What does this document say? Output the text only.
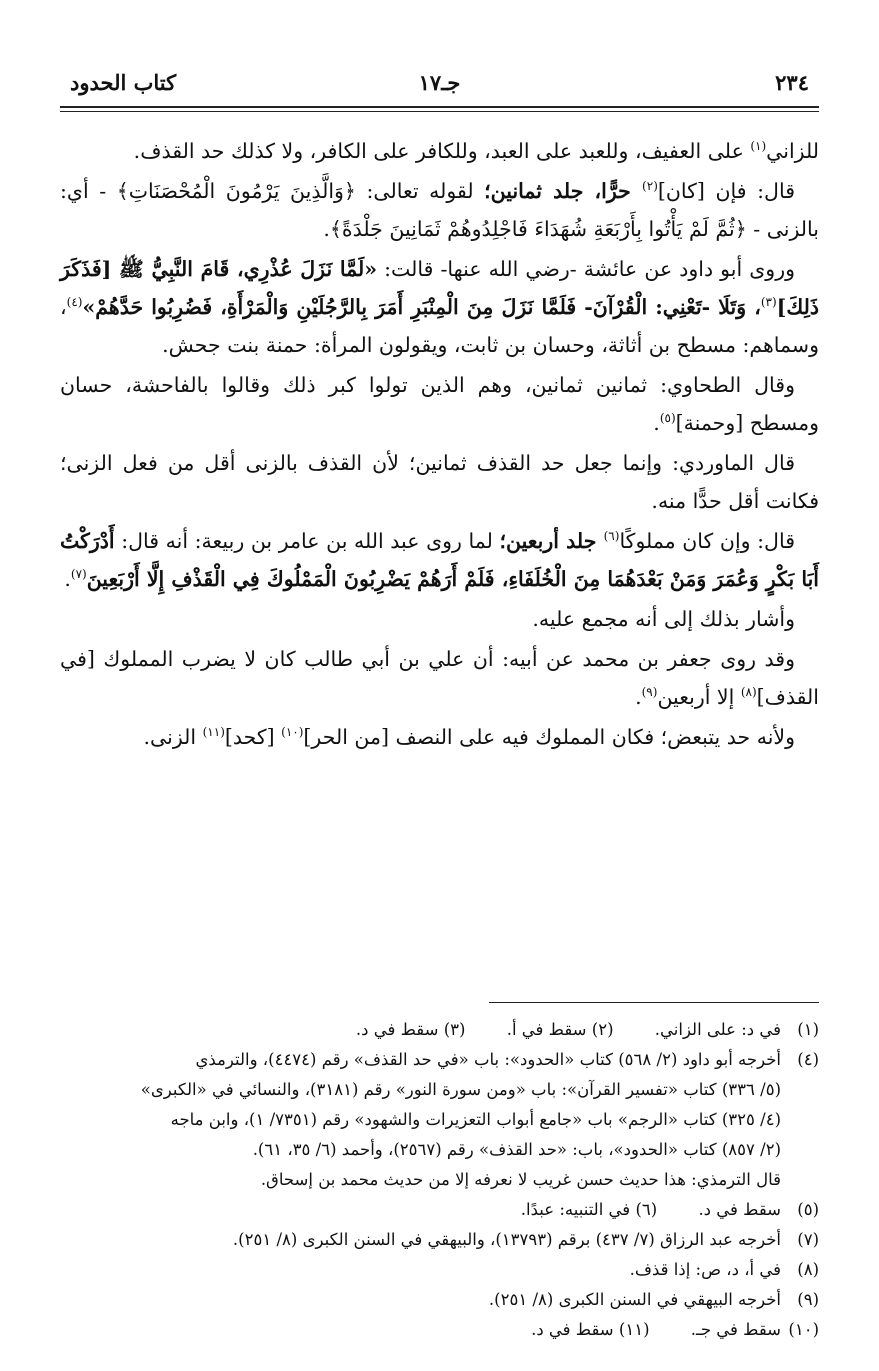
٢٣٤
جـ١٧
كتاب الحدود

للزاني$^{(١)}$ على العفيف، وللعبد على العبد، وللكافر على الكافر، ولا كذلك حد القذف.

قال: فإن [كان]$^{(٢)}$ حرًّا، جلد ثمانين؛ لقوله تعالى: ﴿وَالَّذِينَ يَرْمُونَ الْمُحْصَنَاتِ﴾ - أي: بالزنى - ﴿ثُمَّ لَمْ يَأْتُوا بِأَرْبَعَةِ شُهَدَاءَ فَاجْلِدُوهُمْ ثَمَانِينَ جَلْدَةً﴾.

وروى أبو داود عن عائشة -رضي الله عنها- قالت: «لَمَّا نَزَلَ عُذْرِي، قَامَ النَّبِيُّ ﷺ [فَذَكَرَ ذَلِكَ]$^{(٣)}$، وَتَلَا -تَعْنِي: الْقُرْآنَ- فَلَمَّا نَزَلَ مِنَ الْمِنْبَرِ أَمَرَ بِالرَّجُلَيْنِ وَالْمَرْأَةِ، فَضُرِبُوا حَدَّهُمْ»$^{(٤)}$، وسماهم: مسطح بن أثاثة، وحسان بن ثابت، ويقولون المرأة: حمنة بنت جحش.

وقال الطحاوي: ثمانين ثمانين، وهم الذين تولوا كبر ذلك وقالوا بالفاحشة، حسان ومسطح [وحمنة]$^{(٥)}$.

قال الماوردي: وإنما جعل حد القذف ثمانين؛ لأن القذف بالزنى أقل من فعل الزنى؛ فكانت أقل حدًّا منه.

قال: وإن كان مملوكًا$^{(٦)}$ جلد أربعين؛ لما روى عبد الله بن عامر بن ربيعة: أنه قال: أَدْرَكْتُ أَبَا بَكْرٍ وَعُمَرَ وَمَنْ بَعْدَهُمَا مِنَ الْخُلَفَاءِ، فَلَمْ أَرَهُمْ يَضْرِبُونَ الْمَمْلُوكَ فِي الْقَذْفِ إِلَّا أَرْبَعِينَ$^{(٧)}$.

وأشار بذلك إلى أنه مجمع عليه.

وقد روى جعفر بن محمد عن أبيه: أن علي بن أبي طالب كان لا يضرب المملوك [في القذف]$^{(٨)}$ إلا أربعين$^{(٩)}$.

ولأنه حد يتبعض؛ فكان المملوك فيه على النصف [من الحر]$^{(١٠)}$ [كحد]$^{(١١)}$ الزنى.

(١)
في د: على الزاني. (٢) سقط في أ. (٣) سقط في د.

(٤)
أخرجه أبو داود (٢/ ٥٦٨) كتاب «الحدود»: باب «في حد القذف» رقم (٤٤٧٤)، والترمذي

(٥/ ٣٣٦) كتاب «تفسير القرآن»: باب «ومن سورة النور» رقم (٣١٨١)، والنسائي في «الكبرى»

(٤/ ٣٢٥) كتاب «الرجم» باب «جامع أبواب التعزيرات والشهود» رقم (٧٣٥١/ ١)، وابن ماجه

(٢/ ٨٥٧) كتاب «الحدود»، باب: «حد القذف» رقم (٢٥٦٧)، وأحمد (٦/ ٣٥، ٦١).

قال الترمذي: هذا حديث حسن غريب لا نعرفه إلا من حديث محمد بن إسحاق.

(٥)
سقط في د. (٦) في التنبيه: عبدًا.

(٧)
أخرجه عبد الرزاق (٧/ ٤٣٧) برقم (١٣٧٩٣)، والبيهقي في السنن الكبرى (٨/ ٢٥١).

(٨)
في أ، د، ص: إذا قذف.

(٩)
أخرجه البيهقي في السنن الكبرى (٨/ ٢٥١).

(١٠)
سقط في جـ. (١١) سقط في د.
